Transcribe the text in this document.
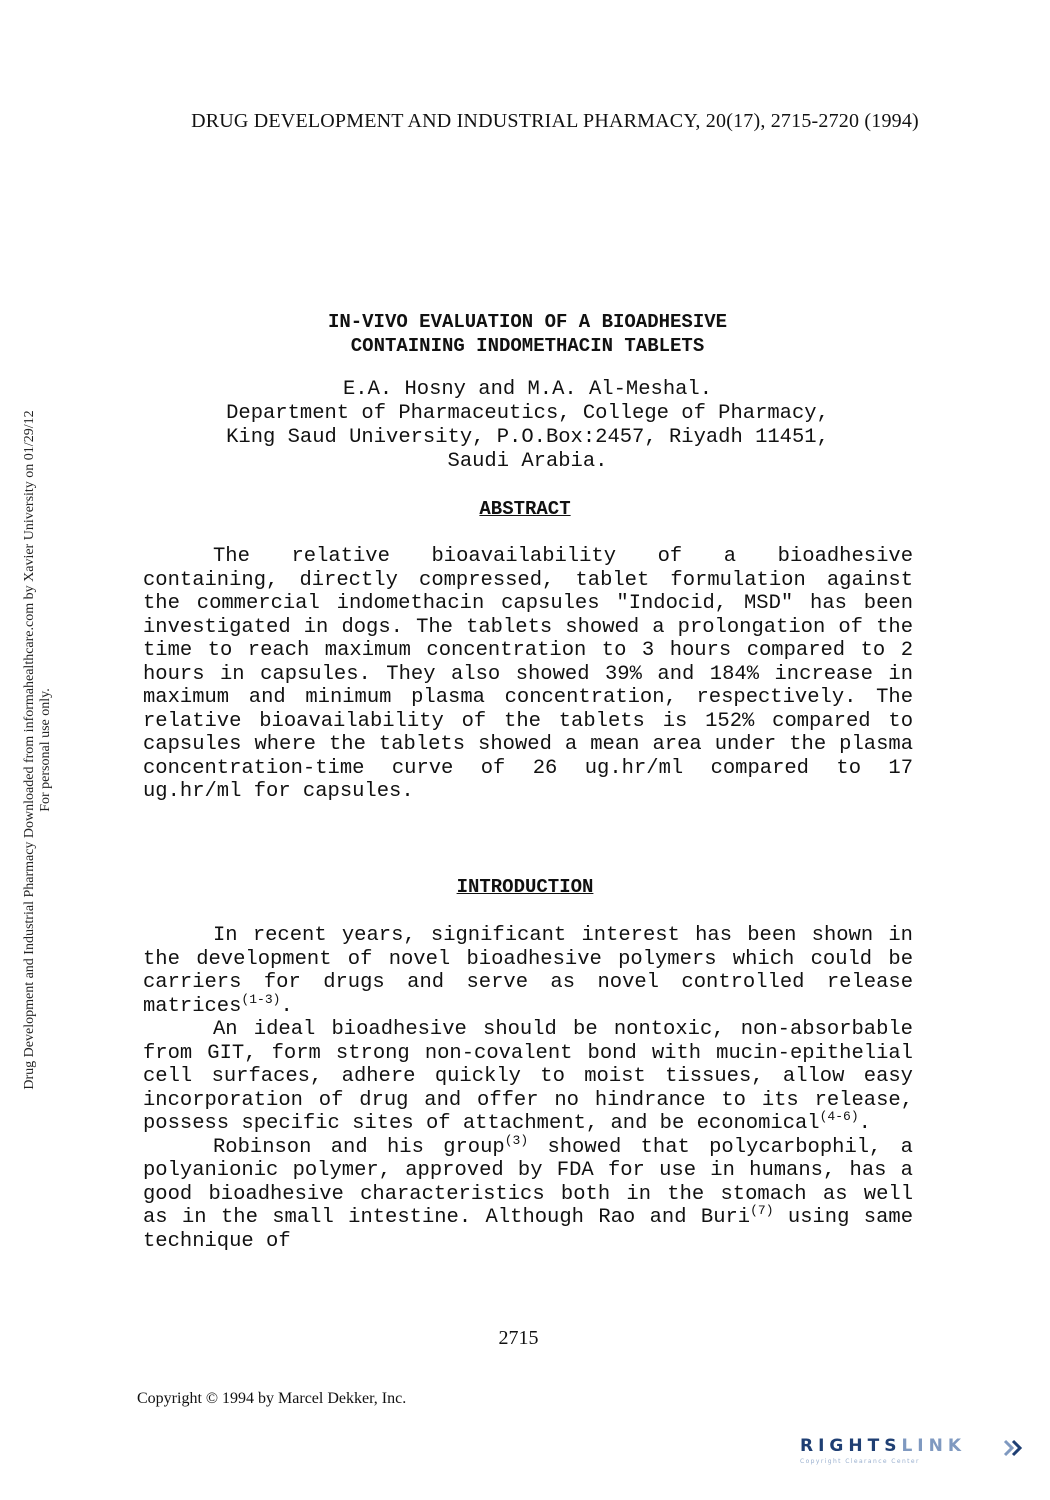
DRUG DEVELOPMENT AND INDUSTRIAL PHARMACY, 20(17), 2715-2720 (1994)
Drug Development and Industrial Pharmacy Downloaded from informahealthcare.com by Xavier University on 01/29/12 For personal use only.
IN-VIVO EVALUATION OF A BIOADHESIVE
CONTAINING INDOMETHACIN TABLETS
E.A. Hosny and M.A. Al-Meshal.
Department of Pharmaceutics, College of Pharmacy,
King Saud University, P.O.Box:2457, Riyadh 11451,
Saudi Arabia.
ABSTRACT

The relative bioavailability of a bioadhesive containing, directly compressed, tablet formulation against the commercial indomethacin capsules "Indocid, MSD" has been investigated in dogs. The tablets showed a prolongation of the time to reach maximum concentration to 3 hours compared to 2 hours in capsules. They also showed 39% and 184% increase in maximum and minimum plasma concentration, respectively. The relative bioavailability of the tablets is 152% compared to capsules where the tablets showed a mean area under the plasma concentration-time curve of 26 ug.hr/ml compared to 17 ug.hr/ml for capsules.

INTRODUCTION

In recent years, significant interest has been shown in the development of novel bioadhesive polymers which could be carriers for drugs and serve as novel controlled release matrices$^{(1-3)}$.

An ideal bioadhesive should be nontoxic, non-absorbable from GIT, form strong non-covalent bond with mucin-epithelial cell surfaces, adhere quickly to moist tissues, allow easy incorporation of drug and offer no hindrance to its release, possess specific sites of attachment, and be economical$^{(4-6)}$.

Robinson and his group$^{(3)}$ showed that polycarbophil, a polyanionic polymer, approved by FDA for use in humans, has a good bioadhesive characteristics both in the stomach as well as in the small intestine. Although Rao and Buri$^{(7)}$ using same technique of

2715
Copyright © 1994 by Marcel Dekker, Inc.
RIGHTSLINK
Copyright Clearance Center
